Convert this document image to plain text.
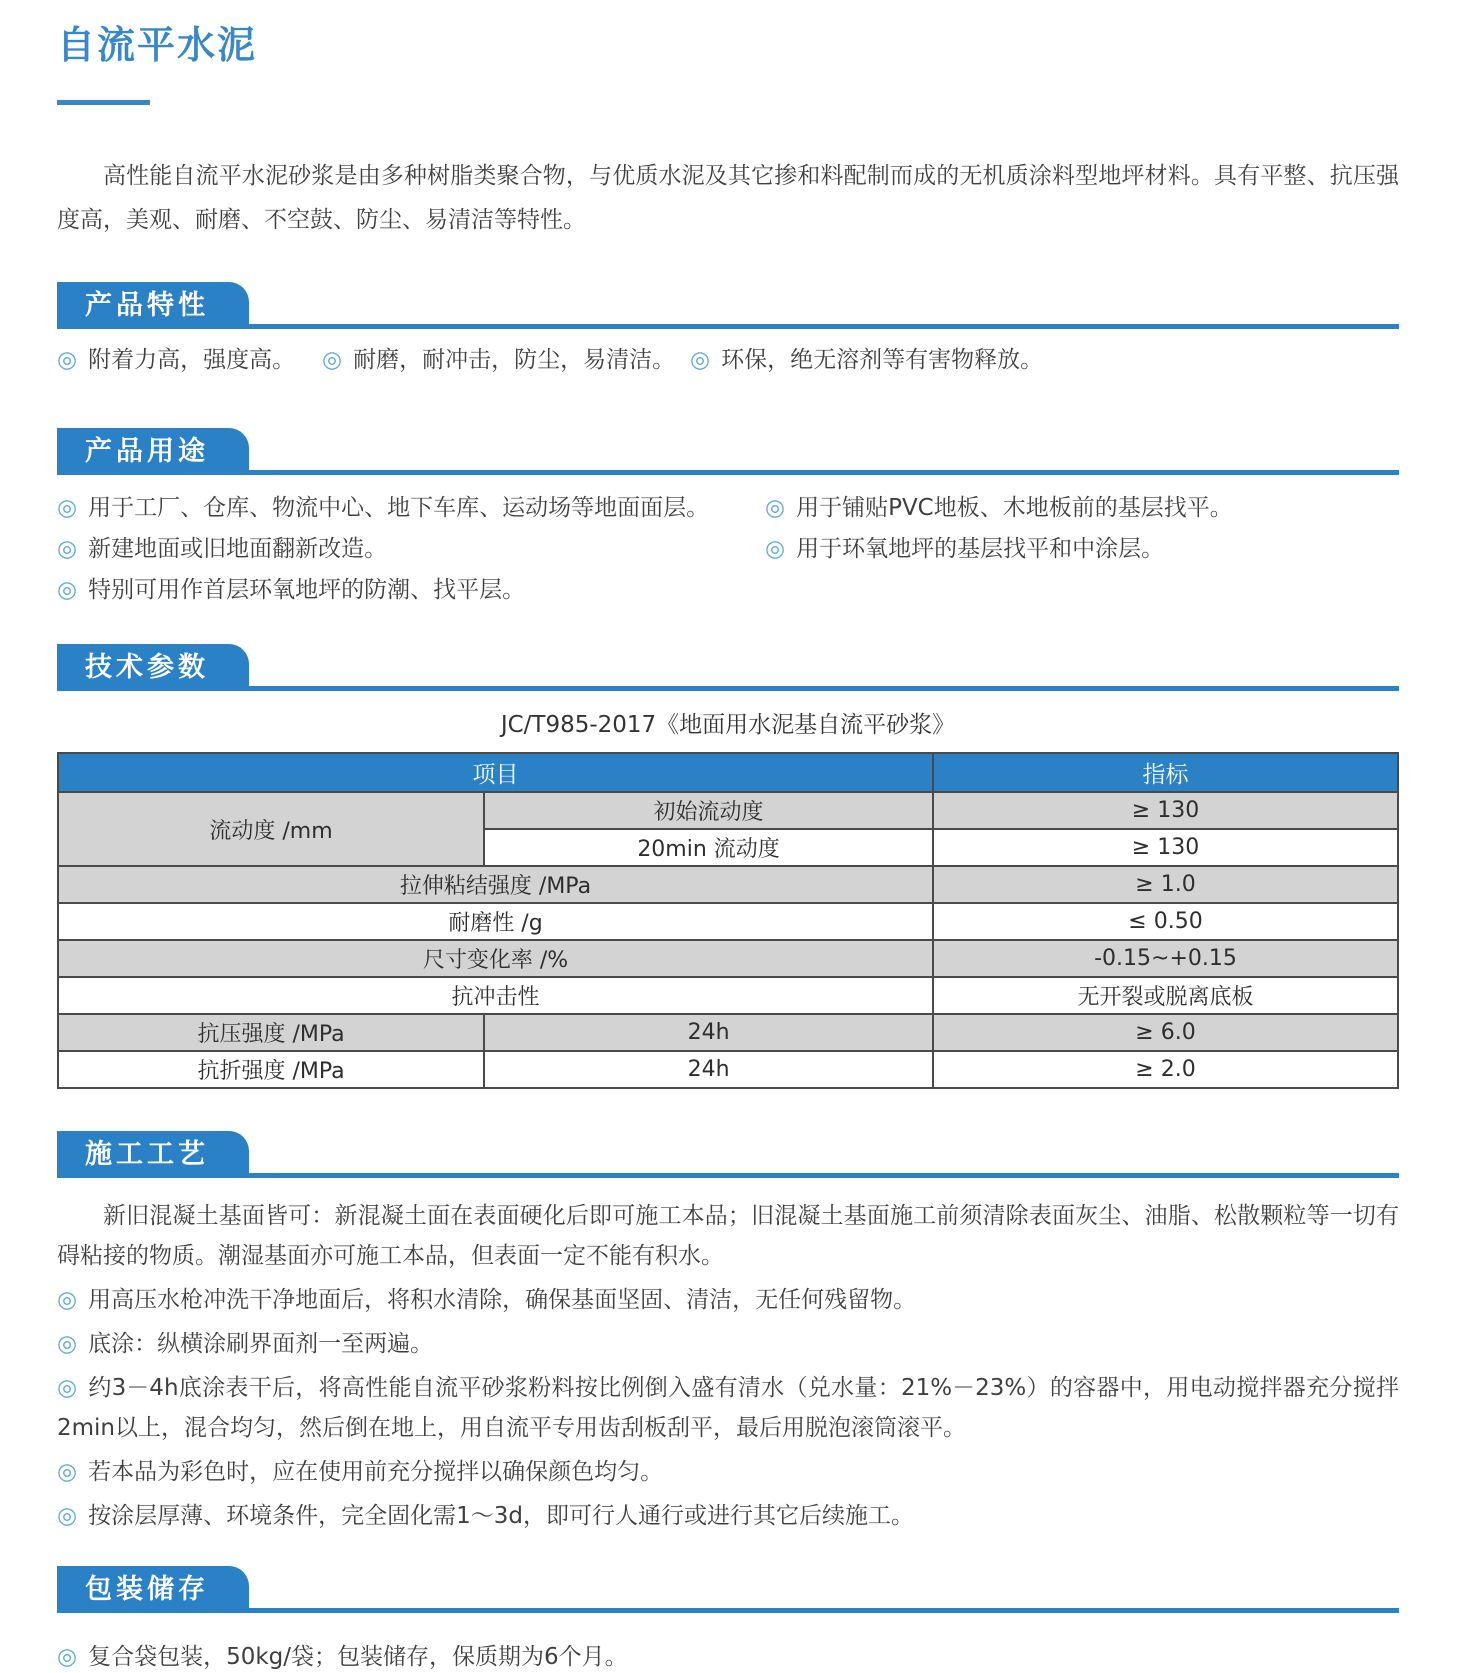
自流平水泥

高性能自流平水泥砂浆是由多种树脂类聚合物，与优质水泥及其它掺和料配制而成的无机质涂料型地坪材料。具有平整、抗压强度高，美观、耐磨、不空鼓、防尘、易清洁等特性。

产品特性

◎ 附着力高，强度高。	◎ 耐磨，耐冲击，防尘，易清洁。 ◎ 环保，绝无溶剂等有害物释放。

产品用途

◎ 用于工厂、仓库、物流中心、地下车库、运动场等地面面层。

◎ 新建地面或旧地面翻新改造。

◎ 特别可用作首层环氧地坪的防潮、找平层。

◎ 用于铺贴PVC地板、木地板前的基层找平。

◎ 用于环氧地坪的基层找平和中涂层。

技术参数

JC/T985-2017《地面用水泥基自流平砂浆》

项目		指标
流动度 /mm	初始流动度	≥ 130
	20min 流动度	≥ 130
拉伸粘结强度 /MPa		≥ 1.0
耐磨性 /g		≤ 0.50
尺寸变化率 /%		-0.15~+0.15
抗冲击性		无开裂或脱离底板
抗压强度 /MPa	24h	≥ 6.0
抗折强度 /MPa	24h	≥ 2.0
施工工艺

新旧混凝土基面皆可：新混凝土面在表面硬化后即可施工本品；旧混凝土基面施工前须清除表面灰尘、油脂、松散颗粒等一切有碍粘接的物质。潮湿基面亦可施工本品，但表面一定不能有积水。

◎ 用高压水枪冲洗干净地面后，将积水清除，确保基面坚固、清洁，无任何残留物。

◎ 底涂：纵横涂刷界面剂一至两遍。

◎ 约3－4h底涂表干后，将高性能自流平砂浆粉料按比例倒入盛有清水（兑水量：21%－23%）的容器中，用电动搅拌器充分搅拌2min以上，混合均匀，然后倒在地上，用自流平专用齿刮板刮平，最后用脱泡滚筒滚平。

◎ 若本品为彩色时，应在使用前充分搅拌以确保颜色均匀。

◎ 按涂层厚薄、环境条件，完全固化需1～3d，即可行人通行或进行其它后续施工。

包装储存

◎ 复合袋包装，50kg/袋；包装储存，保质期为6个月。
